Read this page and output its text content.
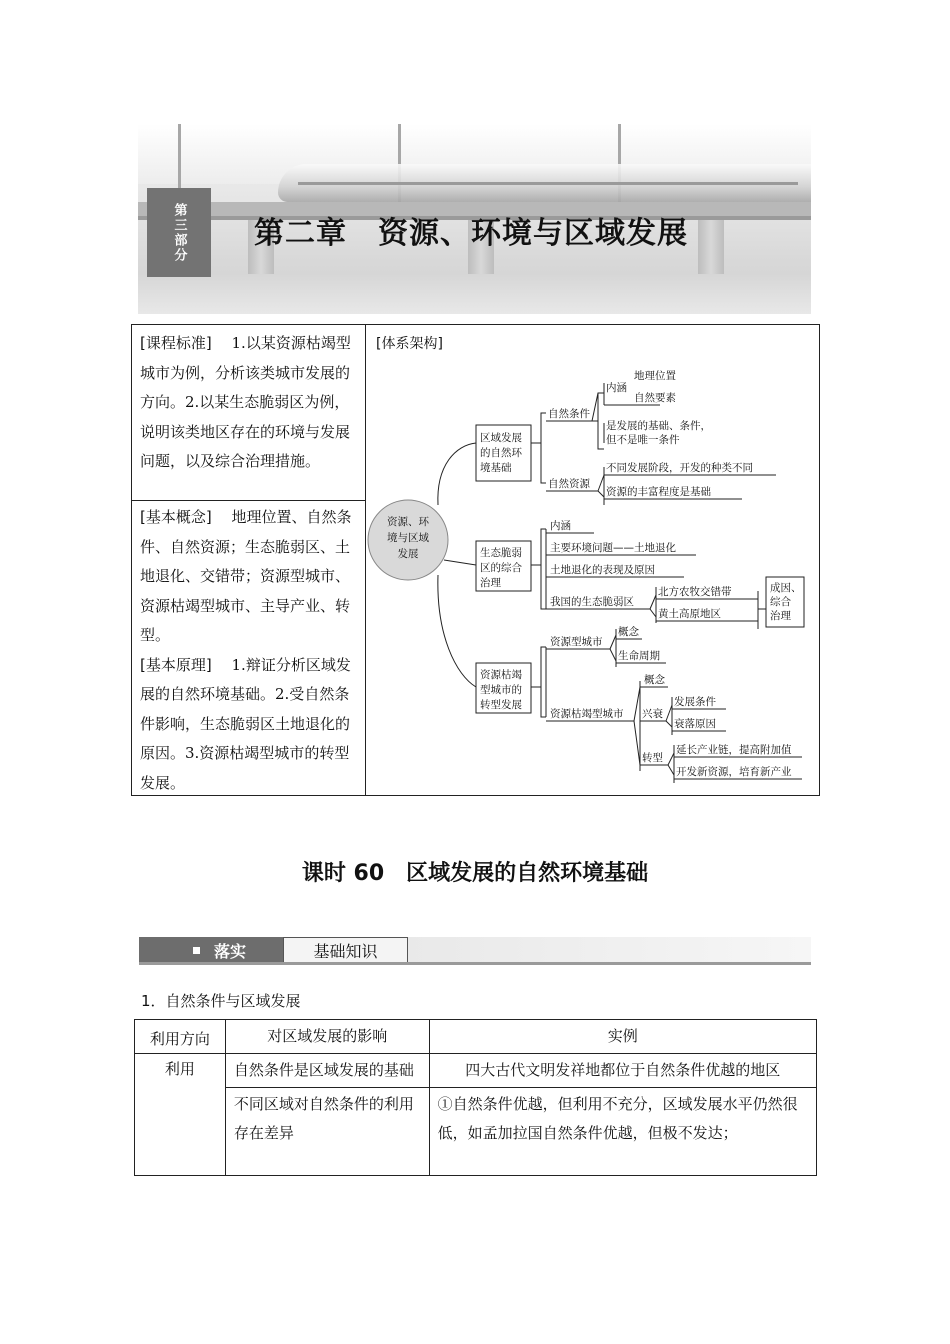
第三部分	第二章　资源、环境与区域发展
[课程标准] 　 1.以某资源枯竭型城市为例，分析该类城市发展的方向。2.以某生态脆弱区为例，说明该类地区存在的环境与发展问题，以及综合治理措施。
[基本概念] 　 地理位置、自然条件、自然资源；生态脆弱区、土地退化、交错带；资源型城市、资源枯竭型城市、主导产业、转型。
[基本原理] 　 1.辩证分析区域发展的自然环境基础。2.受自然条件影响，生态脆弱区土地退化的原因。3.资源枯竭型城市的转型发展。
[体系架构]
资源、环
境与区域
发展
区域发展
的自然环
境基础
生态脆弱
区的综合
治理
资源枯竭
型城市的
转型发展
自然条件
内涵
地理位置
自然要素
是发展的基础、条件，
但不是唯一条件
自然资源
不同发展阶段，开发的种类不同
资源的丰富程度是基础
内涵
主要环境问题——土地退化
土地退化的表现及原因
我国的生态脆弱区
北方农牧交错带
黄土高原地区
成因、
综合
治理
资源型城市
概念
生命周期
资源枯竭型城市
概念
兴衰
发展条件
衰落原因
转型
延长产业链，提高附加值
开发新资源，培育新产业
课时 60　区域发展的自然环境基础
落实	基础知识
1．自然条件与区域发展
利用方向	对区域发展的影响	实例
利用	自然条件是区域发展的基础	四大古代文明发祥地都位于自然条件优越的地区
	不同区域对自然条件的利用存在差异	①自然条件优越，但利用不充分，区域发展水平仍然很低，如孟加拉国自然条件优越，但极不发达；
